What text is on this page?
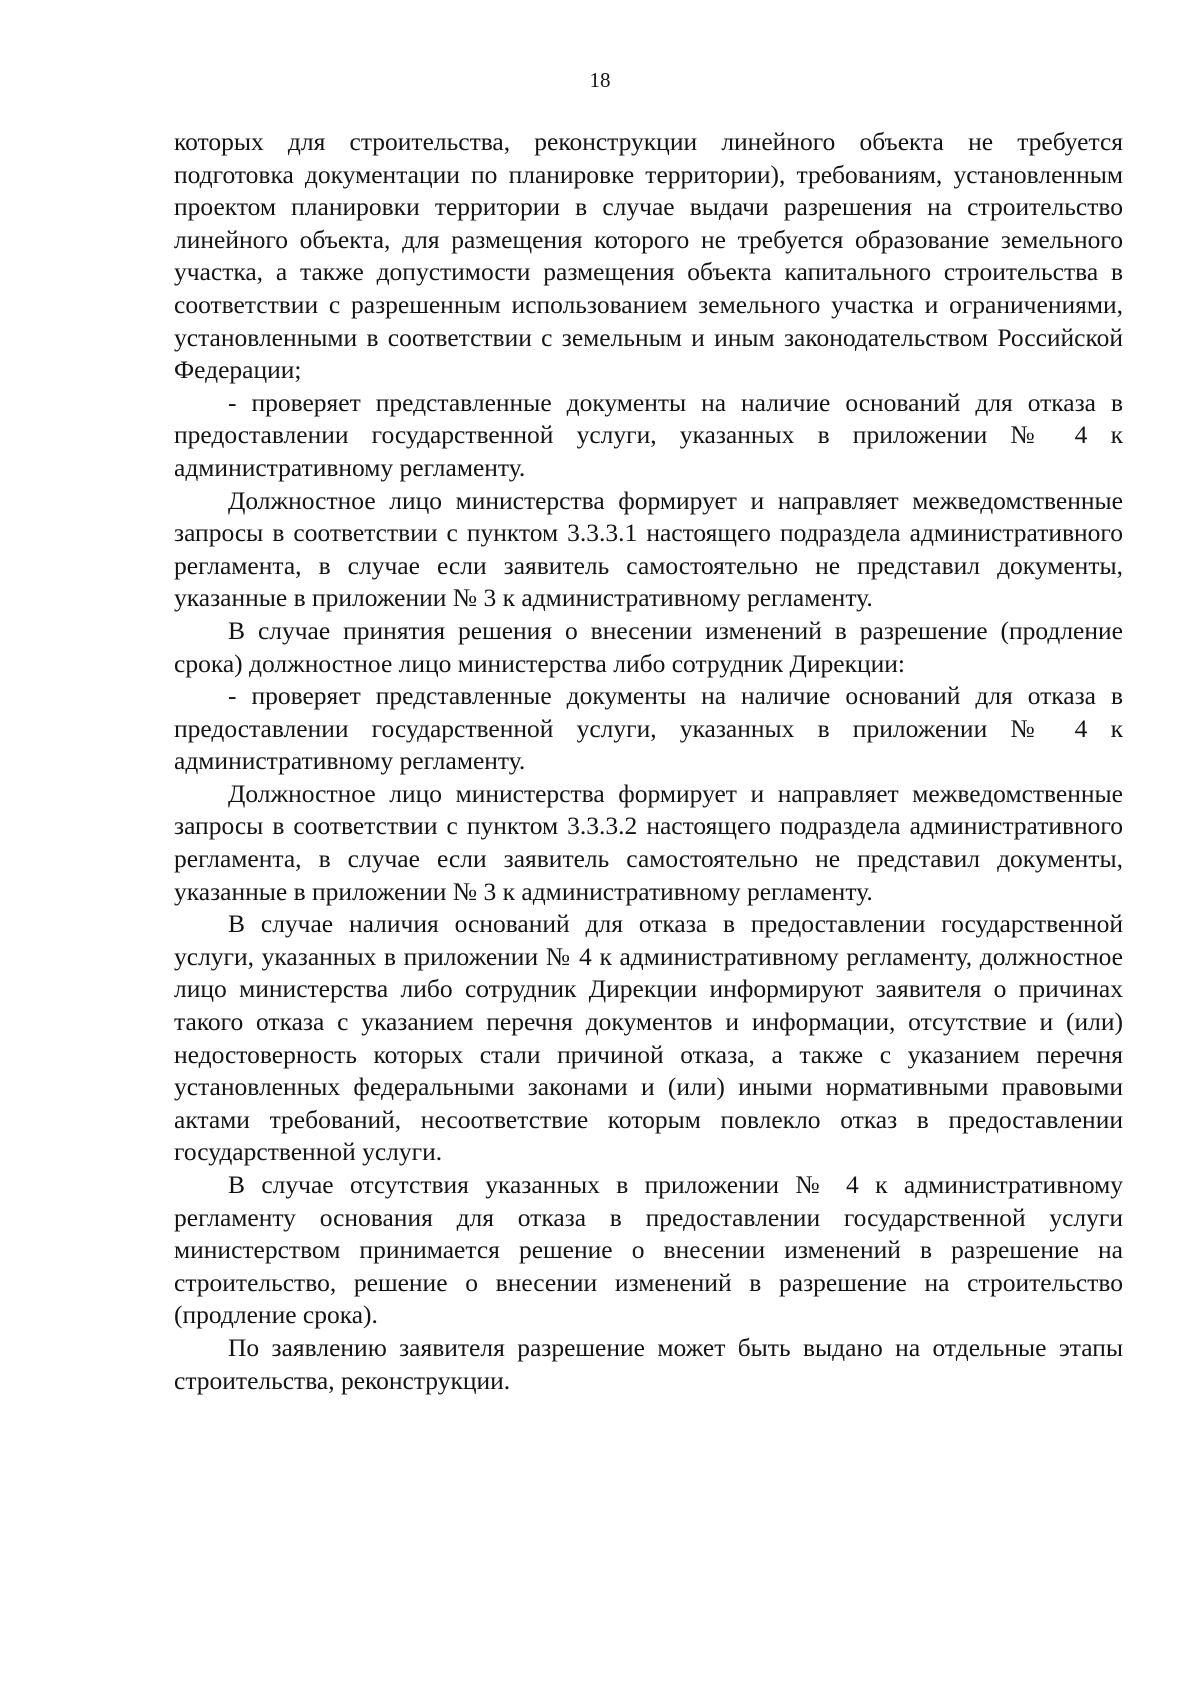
18

которых для строительства, реконструкции линейного объекта не требуется подготовка документации по планировке территории), требованиям, установленным проектом планировки территории в случае выдачи разрешения на строительство линейного объекта, для размещения которого не требуется образование земельного участка, а также допустимости размещения объекта капитального строительства в соответствии с разрешенным использованием земельного участка и ограничениями, установленными в соответствии с земельным и иным законодательством Российской Федерации;

- проверяет представленные документы на наличие оснований для отказа в предоставлении государственной услуги, указанных в приложении № 4 к административному регламенту.

Должностное лицо министерства формирует и направляет межведомственные запросы в соответствии с пунктом 3.3.3.1 настоящего подраздела административного регламента, в случае если заявитель самостоятельно не представил документы, указанные в приложении № 3 к административному регламенту.

В случае принятия решения о внесении изменений в разрешение (продление срока) должностное лицо министерства либо сотрудник Дирекции:

- проверяет представленные документы на наличие оснований для отказа в предоставлении государственной услуги, указанных в приложении № 4 к административному регламенту.

Должностное лицо министерства формирует и направляет межведомственные запросы в соответствии с пунктом 3.3.3.2 настоящего подраздела административного регламента, в случае если заявитель самостоятельно не представил документы, указанные в приложении № 3 к административному регламенту.

В случае наличия оснований для отказа в предоставлении государственной услуги, указанных в приложении № 4 к административному регламенту, должностное лицо министерства либо сотрудник Дирекции информируют заявителя о причинах такого отказа с указанием перечня документов и информации, отсутствие и (или) недостоверность которых стали причиной отказа, а также с указанием перечня установленных федеральными законами и (или) иными нормативными правовыми актами требований, несоответствие которым повлекло отказ в предоставлении государственной услуги.

В случае отсутствия указанных в приложении № 4 к административному регламенту основания для отказа в предоставлении государственной услуги министерством принимается решение о внесении изменений в разрешение на строительство, решение о внесении изменений в разрешение на строительство (продление срока).

По заявлению заявителя разрешение может быть выдано на отдельные этапы строительства, реконструкции.
